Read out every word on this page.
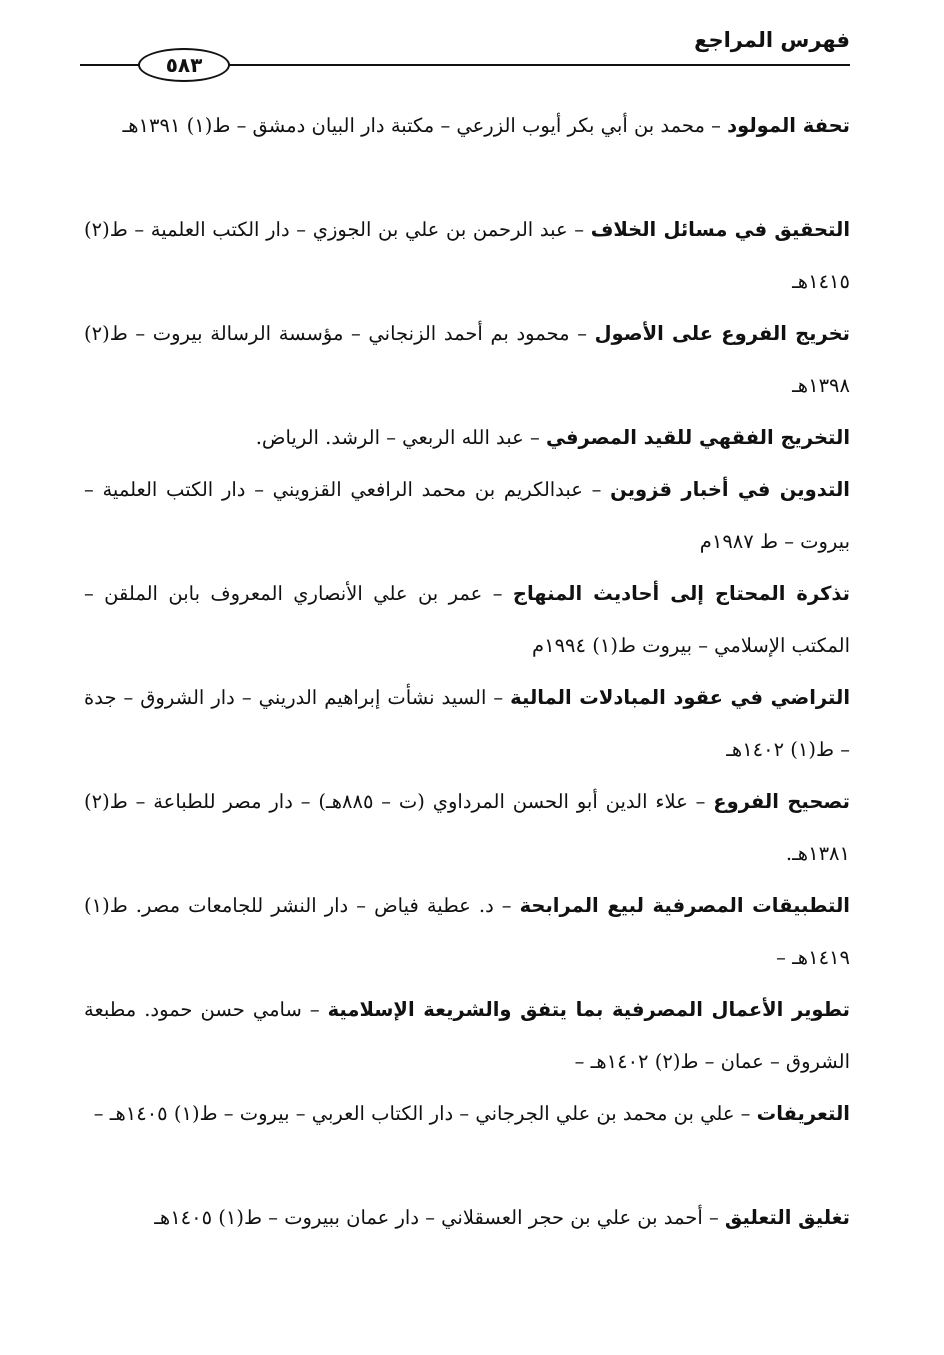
فهرس المراجع
٥٨٣
تحفة المولود – محمد بن أبي بكر أيوب الزرعي – مكتبة دار البيان دمشق – ط(١) ١٣٩١هـ
التحقيق في مسائل الخلاف – عبد الرحمن بن علي بن الجوزي – دار الكتب العلمية – ط(٢) ١٤١٥هـ
تخريج الفروع على الأصول – محمود بم أحمد الزنجاني – مؤسسة الرسالة بيروت – ط(٢) ١٣٩٨هـ
التخريج الفقهي للقيد المصرفي – عبد الله الربعي – الرشد. الرياض.
التدوين في أخبار قزوين – عبدالكريم بن محمد الرافعي القزويني – دار الكتب العلمية – بيروت – ط ١٩٨٧م
تذكرة المحتاج إلى أحاديث المنهاج – عمر بن علي الأنصاري المعروف بابن الملقن – المكتب الإسلامي – بيروت ط(١) ١٩٩٤م
التراضي في عقود المبادلات المالية – السيد نشأت إبراهيم الدريني – دار الشروق – جدة – ط(١) ١٤٠٢هـ
تصحيح الفروع – علاء الدين أبو الحسن المرداوي (ت – ٨٨٥هـ) – دار مصر للطباعة – ط(٢) ١٣٨١هـ.
التطبيقات المصرفية لبيع المرابحة – د. عطية فياض – دار النشر للجامعات مصر. ط(١) ١٤١٩هـ –
تطوير الأعمال المصرفية بما يتفق والشريعة الإسلامية – سامي حسن حمود. مطبعة الشروق – عمان – ط(٢) ١٤٠٢هـ –
التعريفات – علي بن محمد بن علي الجرجاني – دار الكتاب العربي – بيروت – ط(١) ١٤٠٥هـ –
تغليق التعليق – أحمد بن علي بن حجر العسقلاني – دار عمان ببيروت – ط(١) ١٤٠٥هـ
